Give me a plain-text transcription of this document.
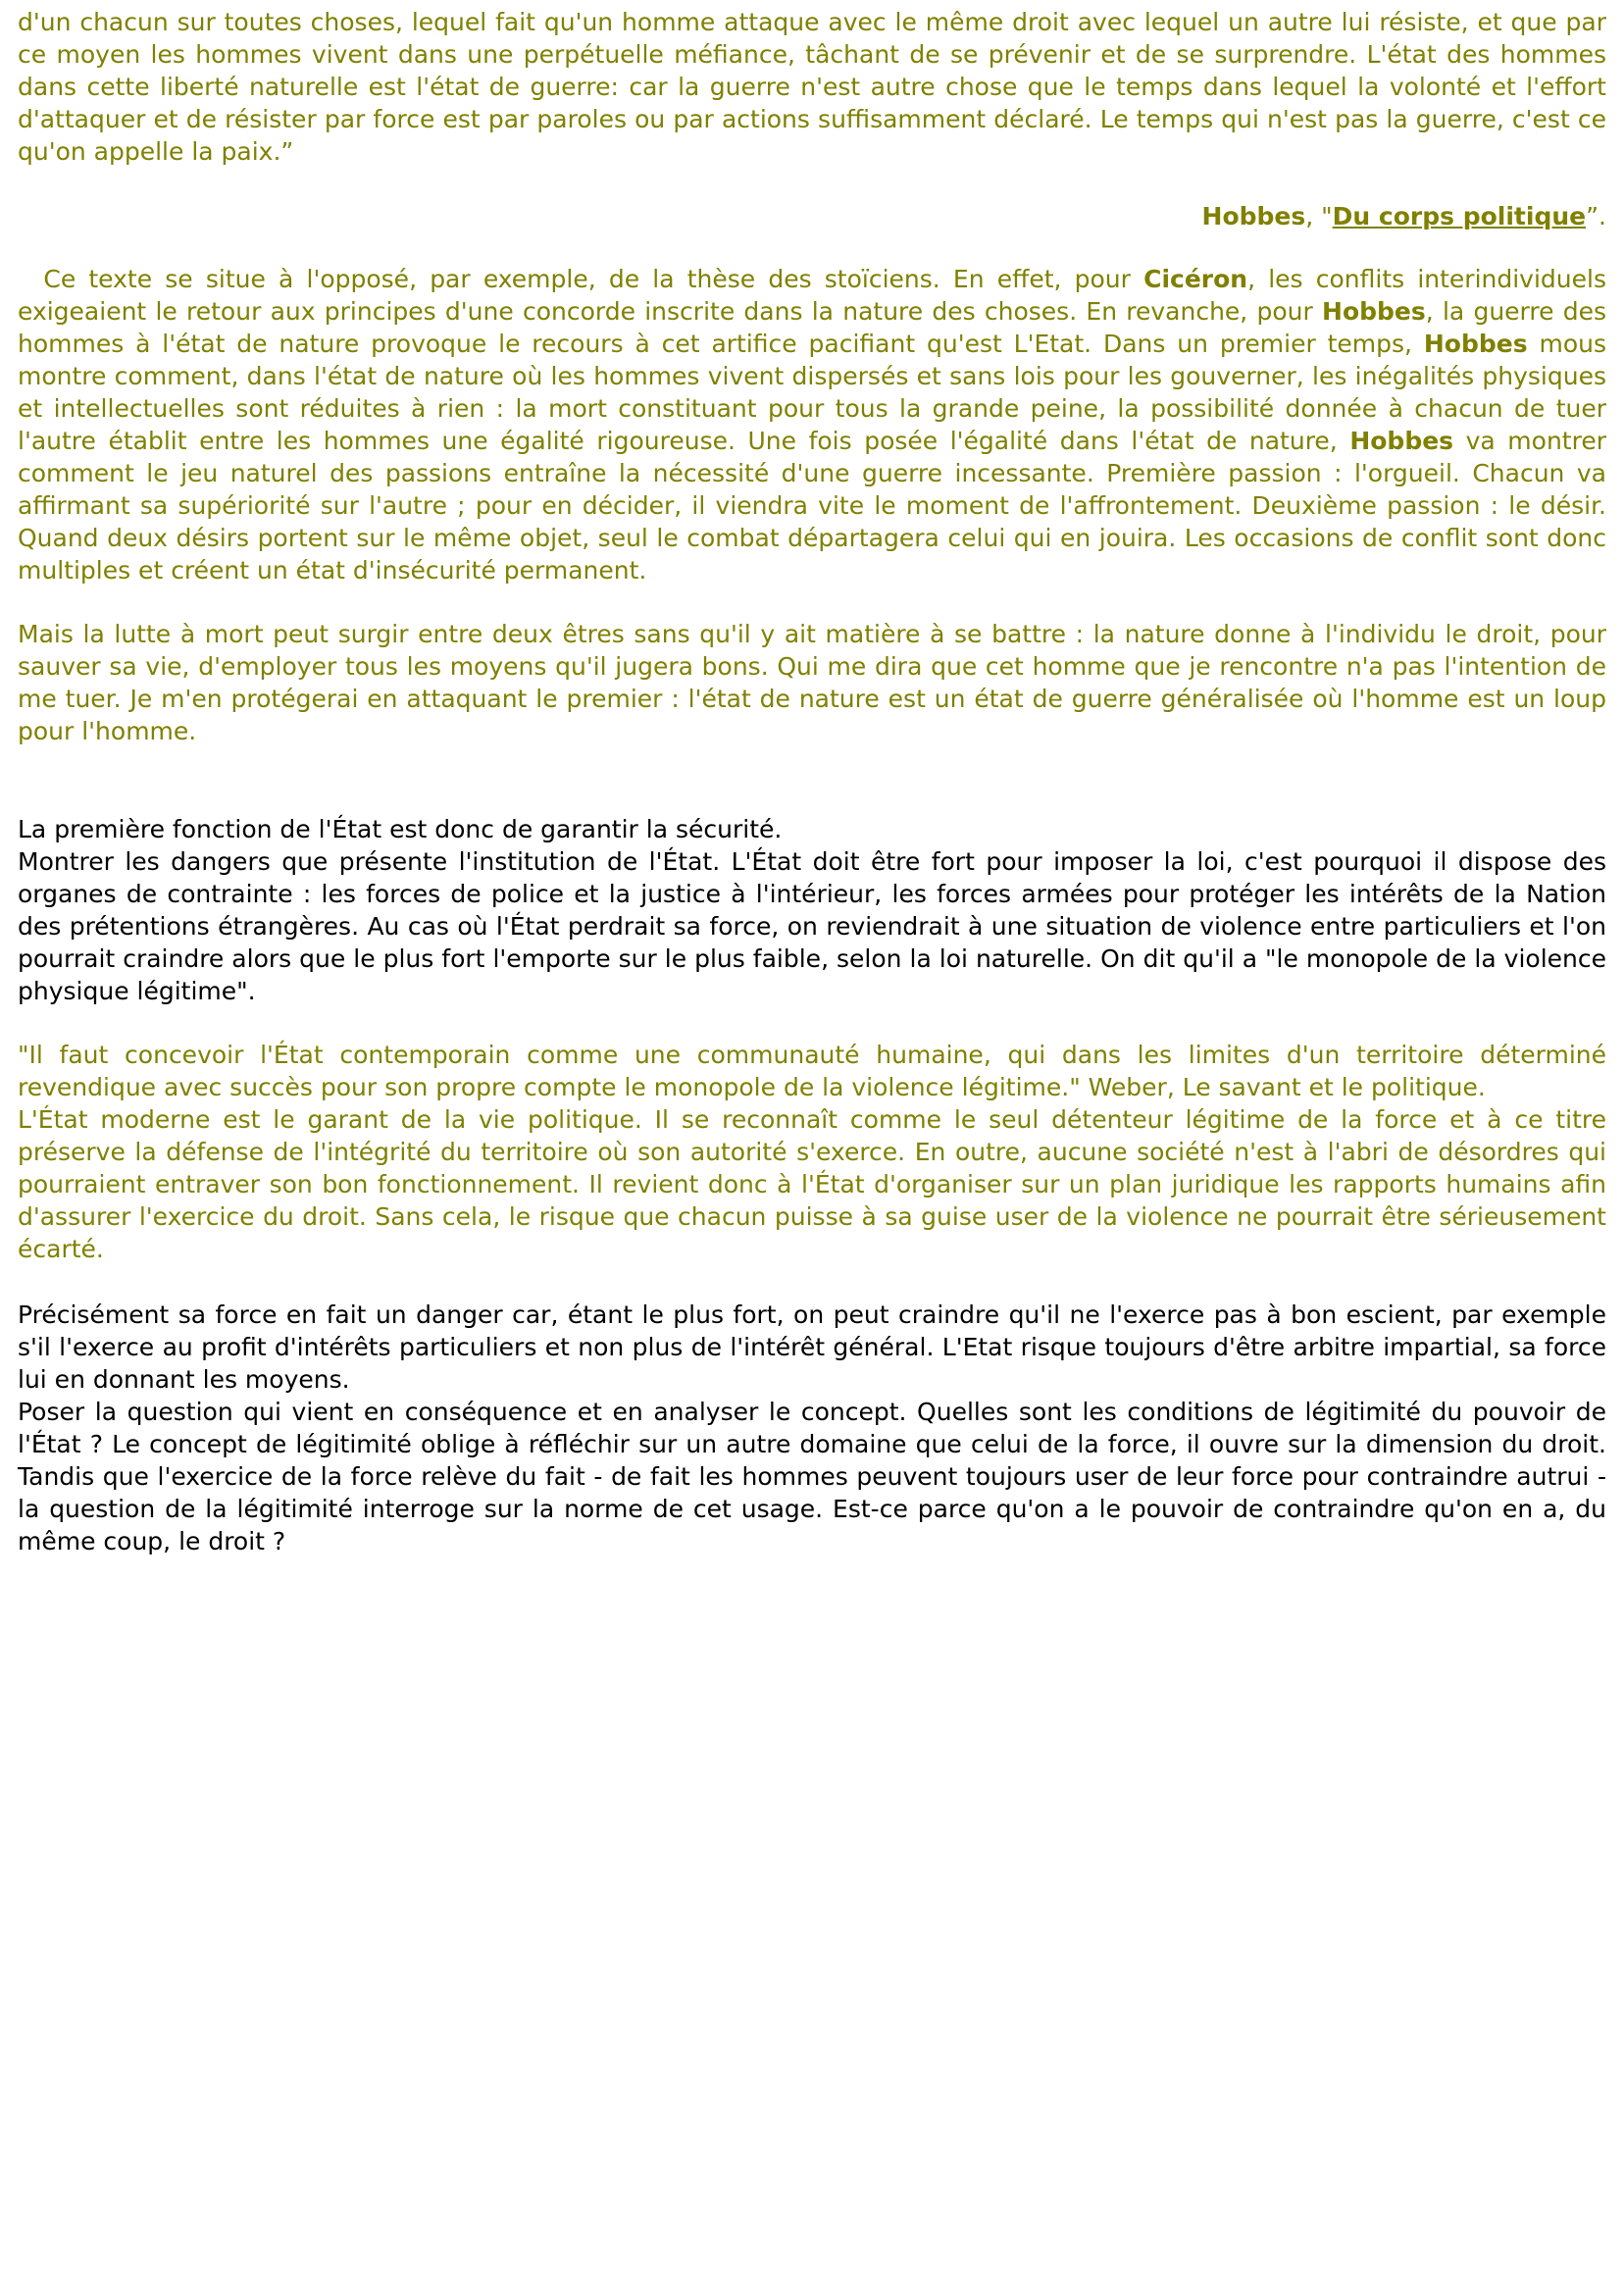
d'un chacun sur toutes choses, lequel fait qu'un homme attaque avec le même droit avec lequel un autre lui résiste, et que par ce moyen les hommes vivent dans une perpétuelle méfiance, tâchant de se prévenir et de se surprendre. L'état des hommes dans cette liberté naturelle est l'état de guerre: car la guerre n'est autre chose que le temps dans lequel la volonté et l'effort d'attaquer et de résister par force est par paroles ou par actions suffisamment déclaré. Le temps qui n'est pas la guerre, c'est ce qu'on appelle la paix.”

Hobbes, "Du corps politique”.

Ce texte se situe à l'opposé, par exemple, de la thèse des stoïciens. En effet, pour Cicéron, les conflits interindividuels exigeaient le retour aux principes d'une concorde inscrite dans la nature des choses. En revanche, pour Hobbes, la guerre des hommes à l'état de nature provoque le recours à cet artifice pacifiant qu'est L'Etat. Dans un premier temps, Hobbes mous montre comment, dans l'état de nature où les hommes vivent dispersés et sans lois pour les gouverner, les inégalités physiques et intellectuelles sont réduites à rien : la mort constituant pour tous la grande peine, la possibilité donnée à chacun de tuer l'autre établit entre les hommes une égalité rigoureuse. Une fois posée l'égalité dans l'état de nature, Hobbes va montrer comment le jeu naturel des passions entraîne la nécessité d'une guerre incessante. Première passion : l'orgueil. Chacun va affirmant sa supériorité sur l'autre ; pour en décider, il viendra vite le moment de l'affrontement. Deuxième passion : le désir. Quand deux désirs portent sur le même objet, seul le combat départagera celui qui en jouira. Les occasions de conflit sont donc multiples et créent un état d'insécurité permanent.

Mais la lutte à mort peut surgir entre deux êtres sans qu'il y ait matière à se battre : la nature donne à l'individu le droit, pour sauver sa vie, d'employer tous les moyens qu'il jugera bons. Qui me dira que cet homme que je rencontre n'a pas l'intention de me tuer. Je m'en protégerai en attaquant le premier : l'état de nature est un état de guerre généralisée où l'homme est un loup pour l'homme.

La première fonction de l'État est donc de garantir la sécurité.

Montrer les dangers que présente l'institution de l'État. L'État doit être fort pour imposer la loi, c'est pourquoi il dispose des organes de contrainte : les forces de police et la justice à l'intérieur, les forces armées pour protéger les intérêts de la Nation des prétentions étrangères. Au cas où l'État perdrait sa force, on reviendrait à une situation de violence entre particuliers et l'on pourrait craindre alors que le plus fort l'emporte sur le plus faible, selon la loi naturelle. On dit qu'il a "le monopole de la violence physique légitime".

"Il faut concevoir l'État contemporain comme une communauté humaine, qui dans les limites d'un territoire déterminé revendique avec succès pour son propre compte le monopole de la violence légitime." Weber, Le savant et le politique.

L'État moderne est le garant de la vie politique. Il se reconnaît comme le seul détenteur légitime de la force et à ce titre préserve la défense de l'intégrité du territoire où son autorité s'exerce. En outre, aucune société n'est à l'abri de désordres qui pourraient entraver son bon fonctionnement. Il revient donc à l'État d'organiser sur un plan juridique les rapports humains afin d'assurer l'exercice du droit. Sans cela, le risque que chacun puisse à sa guise user de la violence ne pourrait être sérieusement écarté.

Précisément sa force en fait un danger car, étant le plus fort, on peut craindre qu'il ne l'exerce pas à bon escient, par exemple s'il l'exerce au profit d'intérêts particuliers et non plus de l'intérêt général. L'Etat risque toujours d'être arbitre impartial, sa force lui en donnant les moyens.

Poser la question qui vient en conséquence et en analyser le concept. Quelles sont les conditions de légitimité du pouvoir de l'État ? Le concept de légitimité oblige à réfléchir sur un autre domaine que celui de la force, il ouvre sur la dimension du droit. Tandis que l'exercice de la force relève du fait - de fait les hommes peuvent toujours user de leur force pour contraindre autrui - la question de la légitimité interroge sur la norme de cet usage. Est-ce parce qu'on a le pouvoir de contraindre qu'on en a, du même coup, le droit ?
